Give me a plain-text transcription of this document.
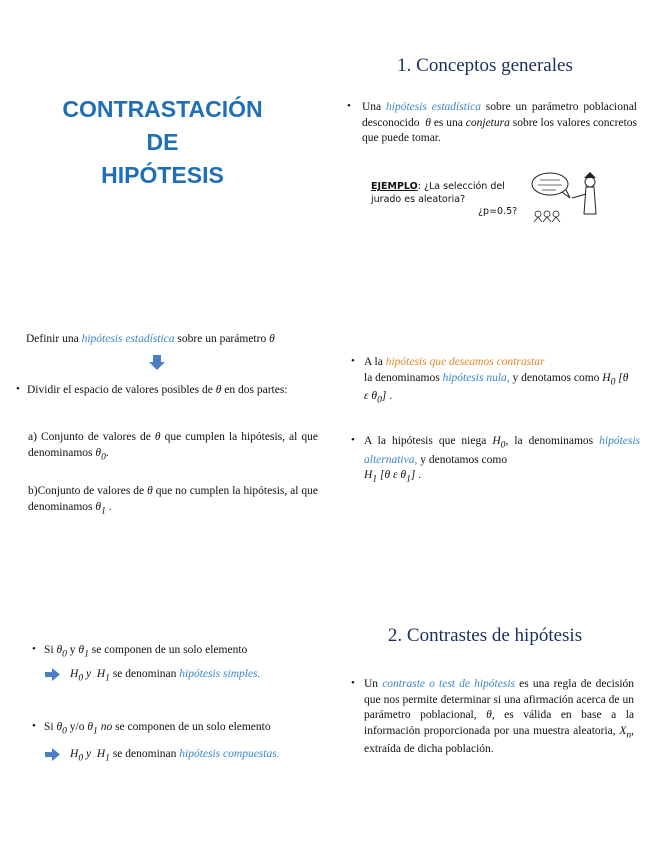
CONTRASTACIÓN
DE
HIPÓTESIS
1. Conceptos generales
• Una hipótesis estadística sobre un parámetro poblacional desconocido θ es una conjetura sobre los valores concretos que puede tomar.
EJEMPLO: ¿La selección del jurado es aleatoria?
¿p=0.5?
Definir una hipótesis estadística sobre un parámetro θ
• Dividir el espacio de valores posibles de θ en dos partes:
a) Conjunto de valores de θ que cumplen la hipótesis, al que denominamos $\theta_0$.
b)Conjunto de valores de θ que no cumplen la hipótesis, al que denominamos $\theta_1$ .
• A la hipótesis que deseamos contrastar
la denominamos hipótesis nula, y denotamos como $H_0$ [θ ε $\theta_0$] .
• A la hipótesis que niega $H_0$, la denominamos hipótesis alternativa, y denotamos como
$H_1$ [θ ε $\theta_1$] .
• Si $\theta_0$ y $\theta_1$ se componen de un solo elemento
$H_0$ y  $H_1$ se denominan hipótesis simples.
• Si $\theta_0$ y/o $\theta_1$ no se componen de un solo elemento
$H_0$ y  $H_1$ se denominan hipótesis compuestas.
2. Contrastes de hipótesis
• Un contraste o test de hipótesis es una regla de decisión que nos permite determinar si una afirmación acerca de un parámetro poblacional, θ, es válida en base a la información proporcionada por una muestra aleatoria, $X_n$, extraída de dicha población.
